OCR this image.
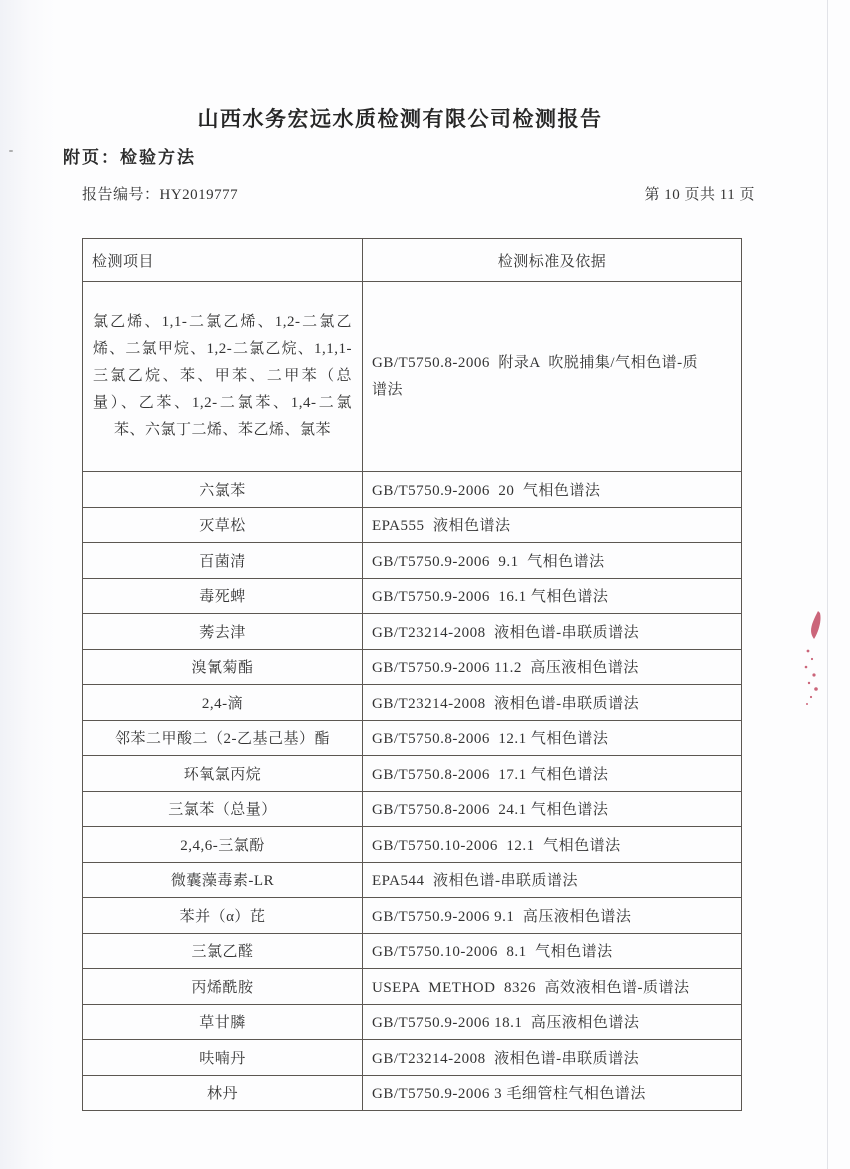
山西水务宏远水质检测有限公司检测报告
附页：检验方法
报告编号：HY2019777	第 10 页共 11 页
检测项目	检测标准及依据
氯乙烯、1,1-二氯乙烯、1,2-二氯乙烯、二氯甲烷、1,2-二氯乙烷、1,1,1-三氯乙烷、苯、甲苯、二甲苯（总量）、乙苯、1,2-二氯苯、1,4-二氯苯、六氯丁二烯、苯乙烯、氯苯	GB/T5750.8-2006  附录A  吹脱捕集/气相色谱-质谱法
六氯苯	GB/T5750.9-2006  20  气相色谱法
灭草松	EPA555  液相色谱法
百菌清	GB/T5750.9-2006  9.1  气相色谱法
毒死蜱	GB/T5750.9-2006  16.1 气相色谱法
莠去津	GB/T23214-2008  液相色谱-串联质谱法
溴氰菊酯	GB/T5750.9-2006 11.2  高压液相色谱法
2,4-滴	GB/T23214-2008  液相色谱-串联质谱法
邻苯二甲酸二（2-乙基己基）酯	GB/T5750.8-2006  12.1 气相色谱法
环氧氯丙烷	GB/T5750.8-2006  17.1 气相色谱法
三氯苯（总量）	GB/T5750.8-2006  24.1 气相色谱法
2,4,6-三氯酚	GB/T5750.10-2006  12.1  气相色谱法
微囊藻毒素-LR	EPA544  液相色谱-串联质谱法
苯并（α）芘	GB/T5750.9-2006 9.1  高压液相色谱法
三氯乙醛	GB/T5750.10-2006  8.1  气相色谱法
丙烯酰胺	USEPA  METHOD  8326  高效液相色谱-质谱法
草甘膦	GB/T5750.9-2006 18.1  高压液相色谱法
呋喃丹	GB/T23214-2008  液相色谱-串联质谱法
林丹	GB/T5750.9-2006 3 毛细管柱气相色谱法
